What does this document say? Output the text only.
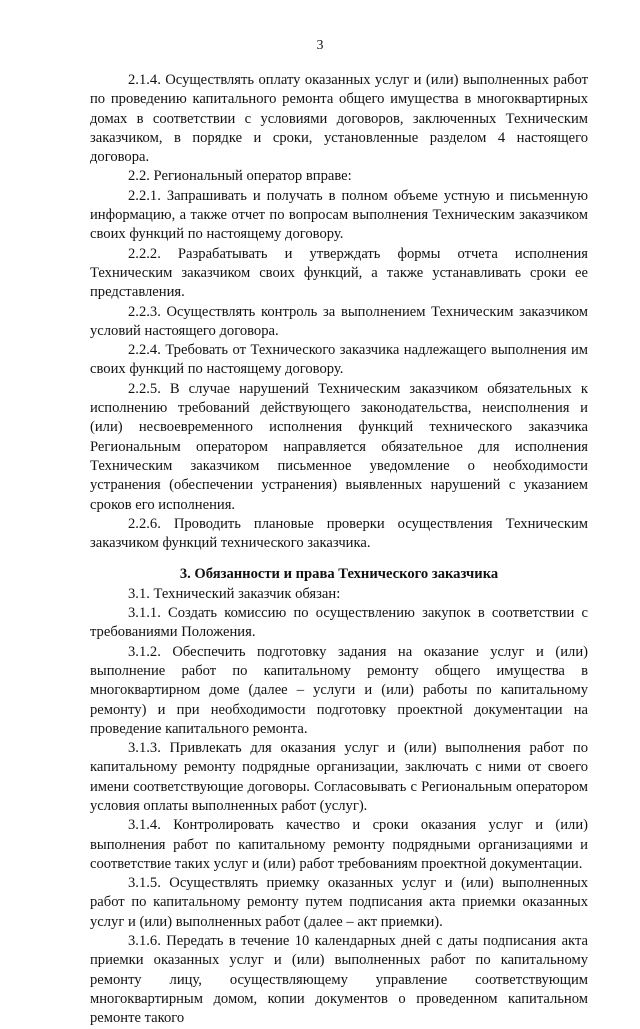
3

2.1.4. Осуществлять оплату оказанных услуг и (или) выполненных работ по проведению капитального ремонта общего имущества в многоквартирных домах в соответствии с условиями договоров, заключенных Техническим заказчиком, в порядке и сроки, установленные разделом 4 настоящего договора.

2.2. Региональный оператор вправе:

2.2.1. Запрашивать и получать в полном объеме устную и письменную информацию, а также отчет по вопросам выполнения Техническим заказчиком своих функций по настоящему договору.

2.2.2. Разрабатывать и утверждать формы отчета исполнения Техническим заказчиком своих функций, а также устанавливать сроки ее представления.

2.2.3. Осуществлять контроль за выполнением Техническим заказчиком условий настоящего договора.

2.2.4. Требовать от Технического заказчика надлежащего выполнения им своих функций по настоящему договору.

2.2.5. В случае нарушений Техническим заказчиком обязательных к исполнению требований действующего законодательства, неисполнения и (или) несвоевременного исполнения функций технического заказчика Региональным оператором направляется обязательное для исполнения Техническим заказчиком письменное уведомление о необходимости устранения (обеспечении устранения) выявленных нарушений с указанием сроков его исполнения.

2.2.6. Проводить плановые проверки осуществления Техническим заказчиком функций технического заказчика.

3. Обязанности и права Технического заказчика

3.1. Технический заказчик обязан:

3.1.1. Создать комиссию по осуществлению закупок в соответствии с требованиями Положения.

3.1.2. Обеспечить подготовку задания на оказание услуг и (или) выполнение работ по капитальному ремонту общего имущества в многоквартирном доме (далее – услуги и (или) работы по капитальному ремонту) и при необходимости подготовку проектной документации на проведение капитального ремонта.

3.1.3. Привлекать для оказания услуг и (или) выполнения работ по капитальному ремонту подрядные организации, заключать с ними от своего имени соответствующие договоры. Согласовывать с Региональным оператором условия оплаты выполненных работ (услуг).

3.1.4. Контролировать качество и сроки оказания услуг и (или) выполнения работ по капитальному ремонту подрядными организациями и соответствие таких услуг и (или) работ требованиям проектной документации.

3.1.5. Осуществлять приемку оказанных услуг и (или) выполненных работ по капитальному ремонту путем подписания акта приемки оказанных услуг и (или) выполненных работ (далее – акт приемки).

3.1.6. Передать в течение 10 календарных дней с даты подписания акта приемки оказанных услуг и (или) выполненных работ по капитальному ремонту лицу, осуществляющему управление соответствующим многоквартирным домом, копии документов о проведенном капитальном ремонте такого
